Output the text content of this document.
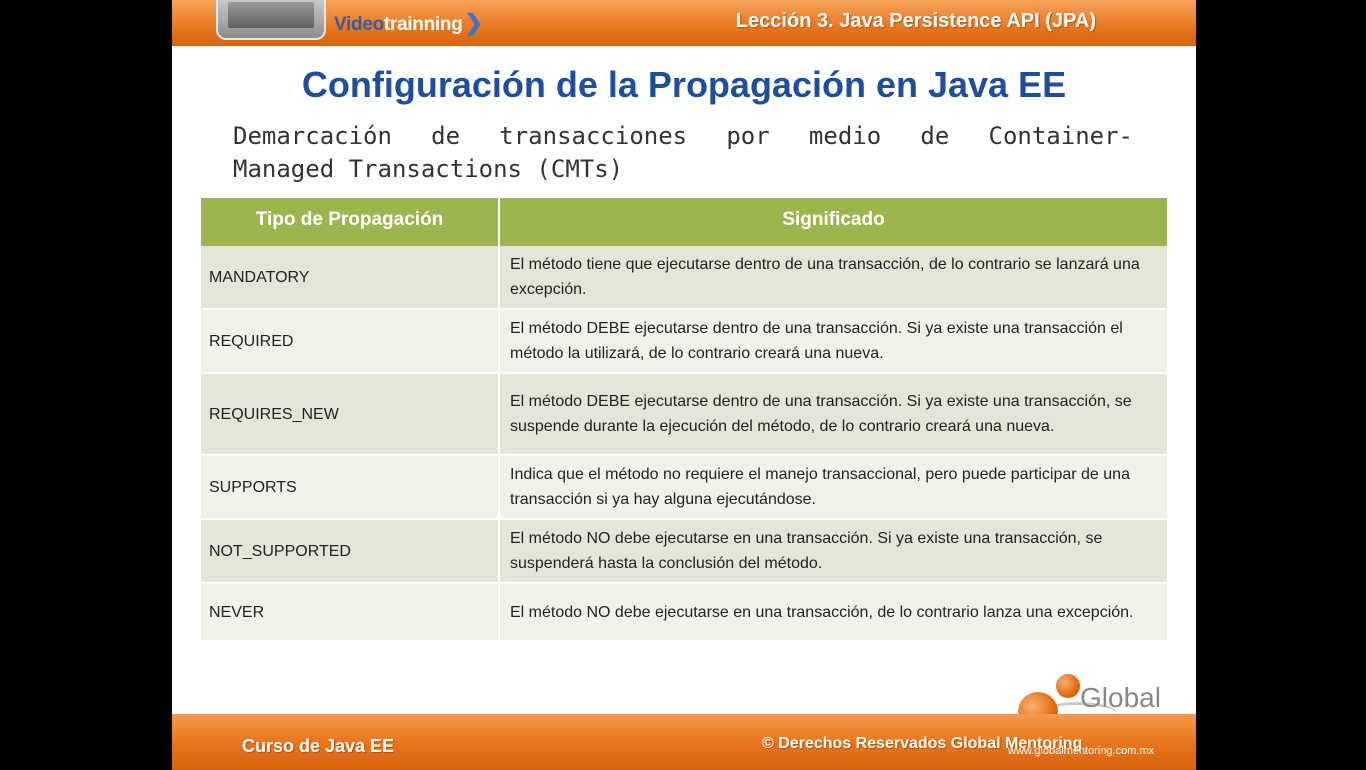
Videotrainning❯	Lección 3. Java Persistence API (JPA)
Configuración de la Propagación en Java EE
Demarcación de transacciones por medio de Container-
Managed Transactions (CMTs)
Tipo de Propagación	Significado
MANDATORY	El método tiene que ejecutarse dentro de una transacción, de lo contrario se lanzará una excepción.
REQUIRED	El método DEBE ejecutarse dentro de una transacción. Si ya existe una transacción el método la utilizará, de lo contrario creará una nueva.
REQUIRES_NEW	El método DEBE ejecutarse dentro de una transacción. Si ya existe una transacción, se suspende durante la ejecución del método, de lo contrario creará una nueva.
SUPPORTS	Indica que el método no requiere el manejo transaccional, pero puede participar de una transacción si ya hay alguna ejecutándose.
NOT_SUPPORTED	El método NO debe ejecutarse en una transacción. Si ya existe una transacción, se suspenderá hasta la conclusión del método.
NEVER	El método NO debe ejecutarse en una transacción, de lo contrario lanza una excepción.
Global
Curso de Java EE	© Derechos Reservados Global Mentoring
www.globalmentoring.com.mx
